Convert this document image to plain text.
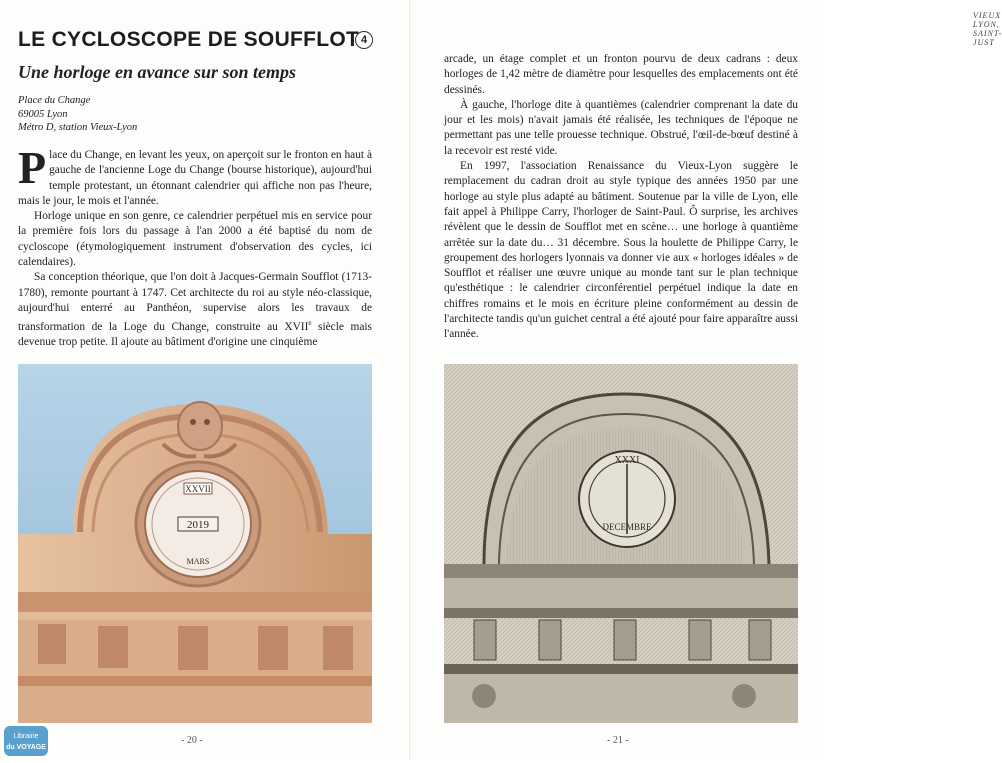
LE CYCLOSCOPE DE SOUFFLOT 4
Une horloge en avance sur son temps
Place du Change
69005 Lyon
Métro D, station Vieux-Lyon

Place du Change, en levant les yeux, on aperçoit sur le fronton en haut à gauche de l'ancienne Loge du Change (bourse historique), aujourd'hui temple protestant, un étonnant calendrier qui affiche non pas l'heure, mais le jour, le mois et l'année.

Horloge unique en son genre, ce calendrier perpétuel mis en service pour la première fois lors du passage à l'an 2000 a été baptisé du nom de cycloscope (étymologiquement instrument d'observation des cycles, ici calendaires).

Sa conception théorique, que l'on doit à Jacques-Germain Soufflot (1713-1780), remonte pourtant à 1747. Cet architecte du roi au style néo-classique, aujourd'hui enterré au Panthéon, supervise alors les travaux de transformation de la Loge du Change, construite au XVIIe siècle mais devenue trop petite. Il ajoute au bâtiment d'origine une cinquième

XXVII
2019
MARS
- 20 -
VIEUX LYON, SAINT-JUST

arcade, un étage complet et un fronton pourvu de deux cadrans : deux horloges de 1,42 mètre de diamètre pour lesquelles des emplacements ont été dessinés.

À gauche, l'horloge dite à quantièmes (calendrier comprenant la date du jour et les mois) n'avait jamais été réalisée, les techniques de l'époque ne permettant pas une telle prouesse technique. Obstrué, l'œil-de-bœuf destiné à la recevoir est resté vide.

En 1997, l'association Renaissance du Vieux-Lyon suggère le remplacement du cadran droit au style typique des années 1950 par une horloge au style plus adapté au bâtiment. Soutenue par la ville de Lyon, elle fait appel à Philippe Carry, l'horloger de Saint-Paul. Ô surprise, les archives révèlent que le dessin de Soufflot met en scène… une horloge à quantième arrêtée sur la date du… 31 décembre. Sous la houlette de Philippe Carry, le groupement des horlogers lyonnais va donner vie aux « horloges idéales » de Soufflot et réaliser une œuvre unique au monde tant sur le plan technique qu'esthétique : le calendrier circonférentiel perpétuel indique la date en chiffres romains et le mois en écriture pleine conformément au dessin de l'architecte tandis qu'un guichet central a été ajouté pour faire apparaître aussi l'année.

XXXI
DECEMBRE
- 21 -
Librairie
du VOYAGE
